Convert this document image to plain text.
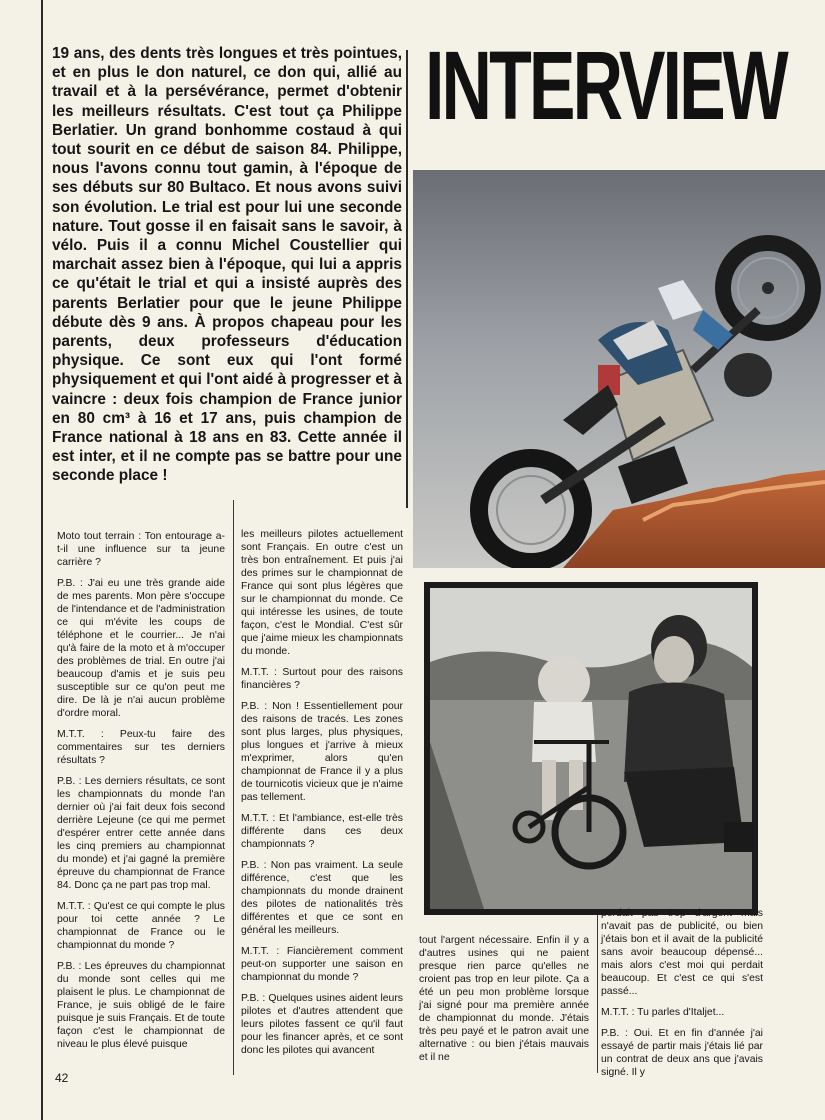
19 ans, des dents très longues et très pointues, et en plus le don naturel, ce don qui, allié au travail et à la persévérance, permet d'obtenir les meilleurs résultats. C'est tout ça Philippe Berlatier. Un grand bonhomme costaud à qui tout sourit en ce début de saison 84. Philippe, nous l'avons connu tout gamin, à l'époque de ses débuts sur 80 Bultaco. Et nous avons suivi son évolution. Le trial est pour lui une seconde nature. Tout gosse il en faisait sans le savoir, à vélo. Puis il a connu Michel Coustellier qui marchait assez bien à l'époque, qui lui a appris ce qu'était le trial et qui a insisté auprès des parents Berlatier pour que le jeune Philippe débute dès 9 ans. À propos chapeau pour les parents, deux professeurs d'éducation physique. Ce sont eux qui l'ont formé physiquement et qui l'ont aidé à progresser et à vaincre : deux fois champion de France junior en 80 cm³ à 16 et 17 ans, puis champion de France national à 18 ans en 83. Cette année il est inter, et il ne compte pas se battre pour une seconde place !

INTERVIEW

Moto tout terrain : Ton entourage a-t-il une influence sur ta jeune carrière ?

P.B. : J'ai eu une très grande aide de mes parents. Mon père s'occupe de l'intendance et de l'administration ce qui m'évite les coups de téléphone et le courrier... Je n'ai qu'à faire de la moto et à m'occuper des problèmes de trial. En outre j'ai beaucoup d'amis et je suis peu susceptible sur ce qu'on peut me dire. De là je n'ai aucun problème d'ordre moral.

M.T.T. : Peux-tu faire des commentaires sur tes derniers résultats ?

P.B. : Les derniers résultats, ce sont les championnats du monde l'an dernier où j'ai fait deux fois second derrière Lejeune (ce qui me permet d'espérer entrer cette année dans les cinq premiers au championnat du monde) et j'ai gagné la première épreuve du championnat de France 84. Donc ça ne part pas trop mal.

M.T.T. : Qu'est ce qui compte le plus pour toi cette année ? Le championnat de France ou le championnat du monde ?

P.B. : Les épreuves du championnat du monde sont celles qui me plaisent le plus. Le championnat de France, je suis obligé de le faire puisque je suis Français. Et de toute façon c'est le championnat de niveau le plus élevé puisque

les meilleurs pilotes actuellement sont Français. En outre c'est un très bon entraînement. Et puis j'ai des primes sur le championnat de France qui sont plus légères que sur le championnat du monde. Ce qui intéresse les usines, de toute façon, c'est le Mondial. C'est sûr que j'aime mieux les championnats du monde.

M.T.T. : Surtout pour des raisons financières ?

P.B. : Non ! Essentiellement pour des raisons de tracés. Les zones sont plus larges, plus physiques, plus longues et j'arrive à mieux m'exprimer, alors qu'en championnat de France il y a plus de tournicotis vicieux que je n'aime pas tellement.

M.T.T. : Et l'ambiance, est-elle très différente dans ces deux championnats ?

P.B. : Non pas vraiment. La seule différence, c'est que les championnats du monde drainent des pilotes de nationalités très différentes et que ce sont en général les meilleurs.

M.T.T. : Fiancièrement comment peut-on supporter une saison en championnat du monde ?

P.B. : Quelques usines aident leurs pilotes et d'autres attendent que leurs pilotes fassent ce qu'il faut pour les financer après, et ce sont donc les pilotes qui avancent

tout l'argent nécessaire. Enfin il y a d'autres usines qui ne paient presque rien parce qu'elles ne croient pas trop en leur pilote. Ça a été un peu mon problème lorsque j'ai signé pour ma première année de championnat du monde. J'étais très peu payé et le patron avait une alternative : ou bien j'étais mauvais et il ne

perdait pas trop d'argent mais n'avait pas de publicité, ou bien j'étais bon et il avait de la publicité sans avoir beaucoup dépensé... mais alors c'est moi qui perdait beaucoup. Et c'est ce qui s'est passé...

M.T.T. : Tu parles d'Italjet...

P.B. : Oui. Et en fin d'année j'ai essayé de partir mais j'étais lié par un contrat de deux ans que j'avais signé. Il y

42
